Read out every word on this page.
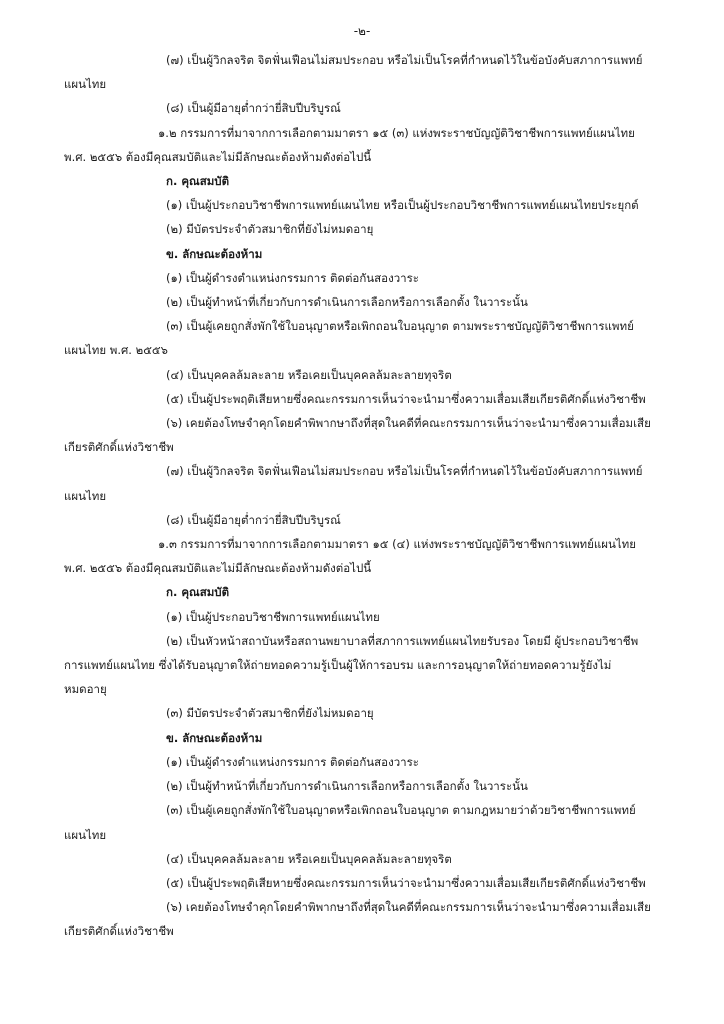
-๒-
(๗) เป็นผู้วิกลจริต จิตฟั่นเฟือนไม่สมประกอบ หรือไม่เป็นโรคที่กำหนดไว้ในข้อบังคับสภาการแพทย์
แผนไทย
(๘) เป็นผู้มีอายุต่ำกว่ายี่สิบปีบริบูรณ์
๑.๒ กรรมการที่มาจากการเลือกตามมาตรา ๑๕ (๓) แห่งพระราชบัญญัติวิชาชีพการแพทย์แผนไทย
พ.ศ. ๒๕๕๖ ต้องมีคุณสมบัติและไม่มีลักษณะต้องห้ามดังต่อไปนี้
ก. คุณสมบัติ
(๑) เป็นผู้ประกอบวิชาชีพการแพทย์แผนไทย หรือเป็นผู้ประกอบวิชาชีพการแพทย์แผนไทยประยุกต์
(๒) มีบัตรประจำตัวสมาชิกที่ยังไม่หมดอายุ
ข. ลักษณะต้องห้าม
(๑) เป็นผู้ดำรงตำแหน่งกรรมการ ติดต่อกันสองวาระ
(๒) เป็นผู้ทำหน้าที่เกี่ยวกับการดำเนินการเลือกหรือการเลือกตั้ง ในวาระนั้น
(๓) เป็นผู้เคยถูกสั่งพักใช้ใบอนุญาตหรือเพิกถอนใบอนุญาต ตามพระราชบัญญัติวิชาชีพการแพทย์
แผนไทย พ.ศ. ๒๕๕๖
(๔) เป็นบุคคลล้มละลาย หรือเคยเป็นบุคคลล้มละลายทุจริต
(๕) เป็นผู้ประพฤติเสียหายซึ่งคณะกรรมการเห็นว่าจะนำมาซึ่งความเสื่อมเสียเกียรติศักดิ์แห่งวิชาชีพ
(๖) เคยต้องโทษจำคุกโดยคำพิพากษาถึงที่สุดในคดีที่คณะกรรมการเห็นว่าจะนำมาซึ่งความเสื่อมเสีย
เกียรติศักดิ์แห่งวิชาชีพ
(๗) เป็นผู้วิกลจริต จิตฟั่นเฟือนไม่สมประกอบ หรือไม่เป็นโรคที่กำหนดไว้ในข้อบังคับสภาการแพทย์
แผนไทย
(๘) เป็นผู้มีอายุต่ำกว่ายี่สิบปีบริบูรณ์
๑.๓ กรรมการที่มาจากการเลือกตามมาตรา ๑๕ (๔) แห่งพระราชบัญญัติวิชาชีพการแพทย์แผนไทย
พ.ศ. ๒๕๕๖ ต้องมีคุณสมบัติและไม่มีลักษณะต้องห้ามดังต่อไปนี้
ก. คุณสมบัติ
(๑) เป็นผู้ประกอบวิชาชีพการแพทย์แผนไทย
(๒) เป็นหัวหน้าสถาบันหรือสถานพยาบาลที่สภาการแพทย์แผนไทยรับรอง โดยมี ผู้ประกอบวิชาชีพ
การแพทย์แผนไทย ซึ่งได้รับอนุญาตให้ถ่ายทอดความรู้เป็นผู้ให้การอบรม และการอนุญาตให้ถ่ายทอดความรู้ยังไม่
หมดอายุ
(๓) มีบัตรประจำตัวสมาชิกที่ยังไม่หมดอายุ
ข. ลักษณะต้องห้าม
(๑) เป็นผู้ดำรงตำแหน่งกรรมการ ติดต่อกันสองวาระ
(๒) เป็นผู้ทำหน้าที่เกี่ยวกับการดำเนินการเลือกหรือการเลือกตั้ง ในวาระนั้น
(๓) เป็นผู้เคยถูกสั่งพักใช้ใบอนุญาตหรือเพิกถอนใบอนุญาต ตามกฎหมายว่าด้วยวิชาชีพการแพทย์
แผนไทย
(๔) เป็นบุคคลล้มละลาย หรือเคยเป็นบุคคลล้มละลายทุจริต
(๕) เป็นผู้ประพฤติเสียหายซึ่งคณะกรรมการเห็นว่าจะนำมาซึ่งความเสื่อมเสียเกียรติศักดิ์แห่งวิชาชีพ
(๖) เคยต้องโทษจำคุกโดยคำพิพากษาถึงที่สุดในคดีที่คณะกรรมการเห็นว่าจะนำมาซึ่งความเสื่อมเสีย
เกียรติศักดิ์แห่งวิชาชีพ
